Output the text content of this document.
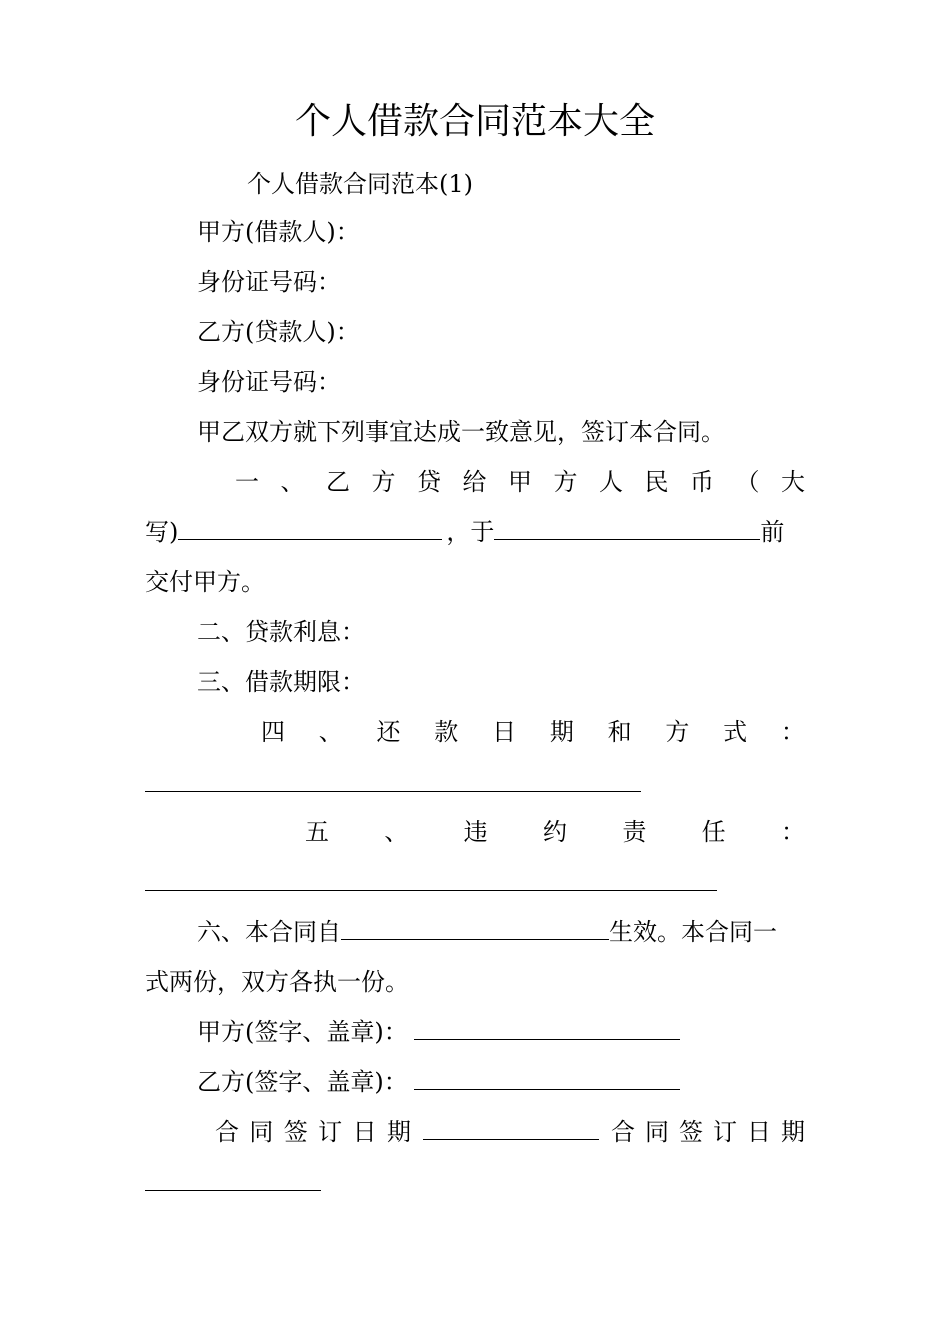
个人借款合同范本大全
个人借款合同范本(1)
甲方(借款人)：
身份证号码：
乙方(贷款人)：
身份证号码：
甲乙双方就下列事宜达成一致意见，签订本合同。
一 、 乙 方 贷 给 甲 方 人 民 币 （ 大
写)	，于	前
交付甲方。
二、贷款利息：
三、借款期限：
四 、 还 款 日 期 和 方 式 ：
五 、 违 约 责 任 ：
六、本合同自	生效。本合同一
式两份，双方各执一份。
甲方(签字、盖章)：
乙方(签字、盖章)：
合 同 签 订 日 期	合 同 签 订 日 期
